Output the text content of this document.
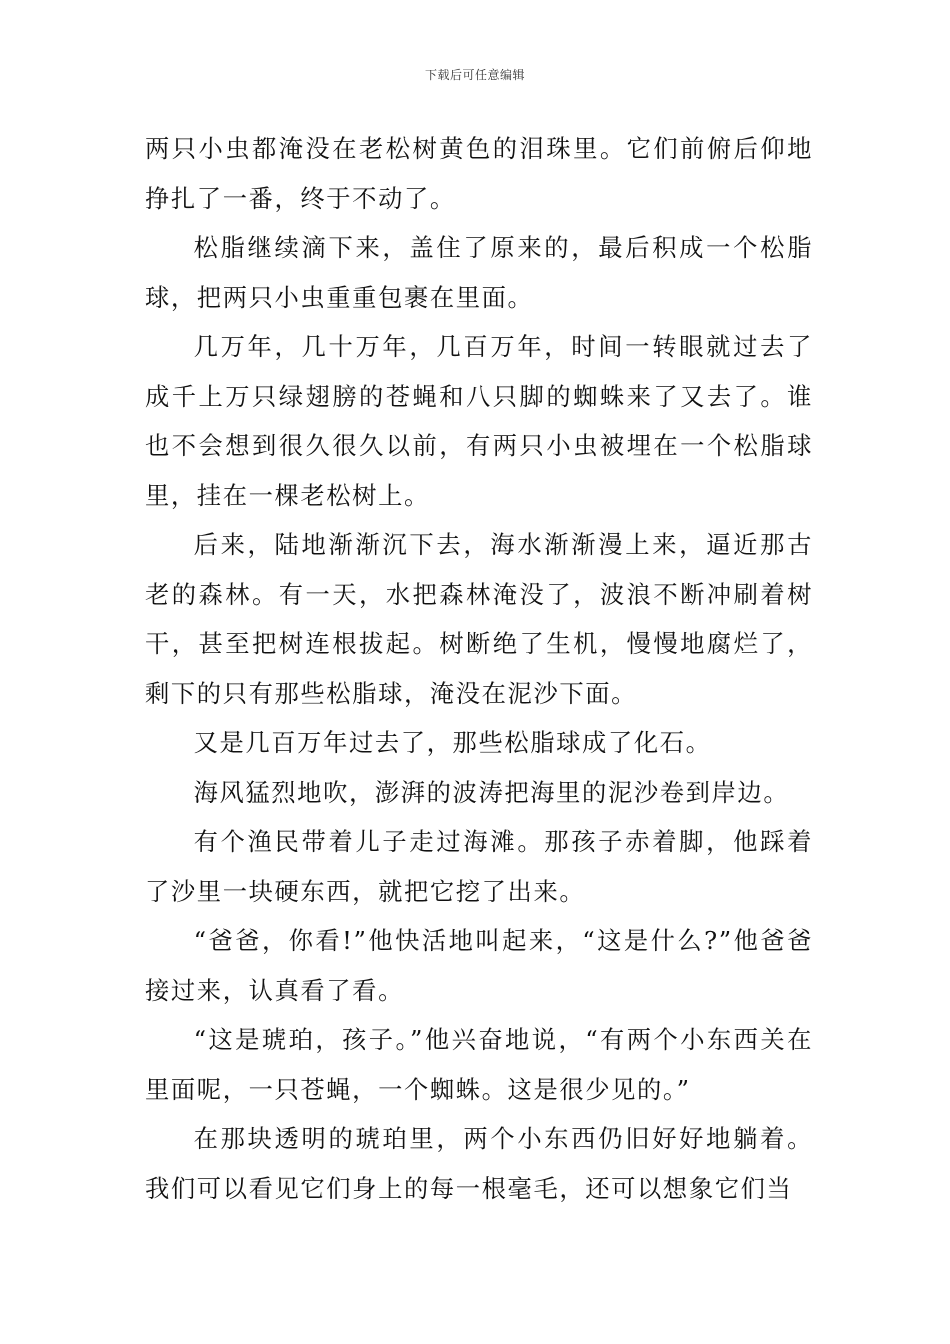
下载后可任意编辑

两只小虫都淹没在老松树黄色的泪珠里。它们前俯后仰地挣扎了一番，终于不动了。

松脂继续滴下来，盖住了原来的，最后积成一个松脂球，把两只小虫重重包裹在里面。

几万年，几十万年，几百万年，时间一转眼就过去了成千上万只绿翅膀的苍蝇和八只脚的蜘蛛来了又去了。谁也不会想到很久很久以前，有两只小虫被埋在一个松脂球里，挂在一棵老松树上。

后来，陆地渐渐沉下去，海水渐渐漫上来，逼近那古老的森林。有一天，水把森林淹没了，波浪不断冲刷着树干，甚至把树连根拔起。树断绝了生机，慢慢地腐烂了，剩下的只有那些松脂球，淹没在泥沙下面。

又是几百万年过去了，那些松脂球成了化石。

海风猛烈地吹，澎湃的波涛把海里的泥沙卷到岸边。

有个渔民带着儿子走过海滩。那孩子赤着脚，他踩着了沙里一块硬东西，就把它挖了出来。

“爸爸，你看!”他快活地叫起来，“这是什么?”他爸爸接过来，认真看了看。

“这是琥珀，孩子。”他兴奋地说，“有两个小东西关在里面呢，一只苍蝇，一个蜘蛛。这是很少见的。”

在那块透明的琥珀里，两个小东西仍旧好好地躺着。我们可以看见它们身上的每一根毫毛，还可以想象它们当
